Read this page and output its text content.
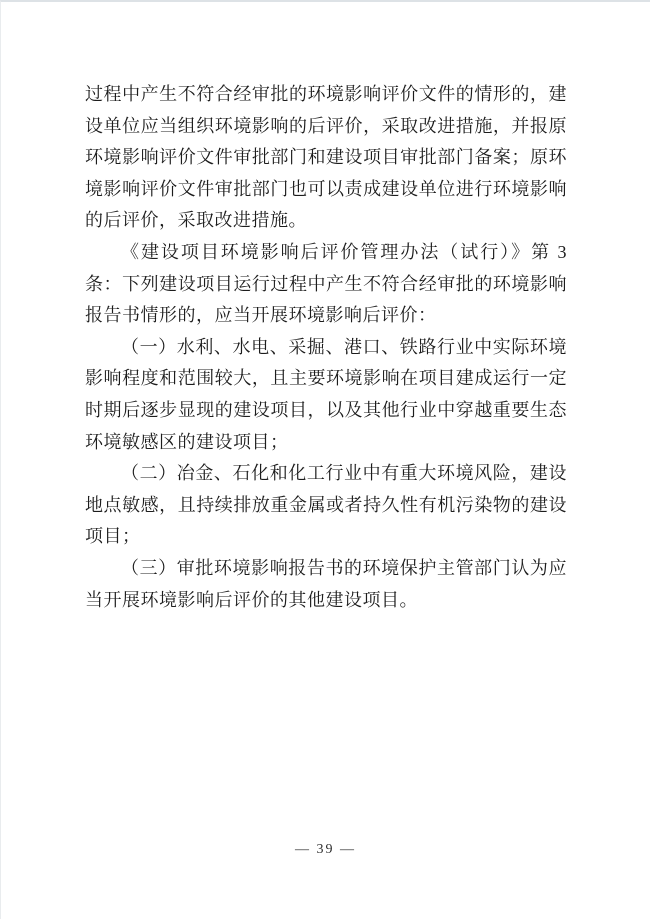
过程中产生不符合经审批的环境影响评价文件的情形的，建设单位应当组织环境影响的后评价，采取改进措施，并报原环境影响评价文件审批部门和建设项目审批部门备案；原环境影响评价文件审批部门也可以责成建设单位进行环境影响的后评价，采取改进措施。

《建设项目环境影响后评价管理办法（试行）》第 3 条：下列建设项目运行过程中产生不符合经审批的环境影响报告书情形的，应当开展环境影响后评价：

（一）水利、水电、采掘、港口、铁路行业中实际环境影响程度和范围较大，且主要环境影响在项目建成运行一定时期后逐步显现的建设项目，以及其他行业中穿越重要生态环境敏感区的建设项目；

（二）冶金、石化和化工行业中有重大环境风险，建设地点敏感，且持续排放重金属或者持久性有机污染物的建设项目；

（三）审批环境影响报告书的环境保护主管部门认为应当开展环境影响后评价的其他建设项目。

— 39 —
